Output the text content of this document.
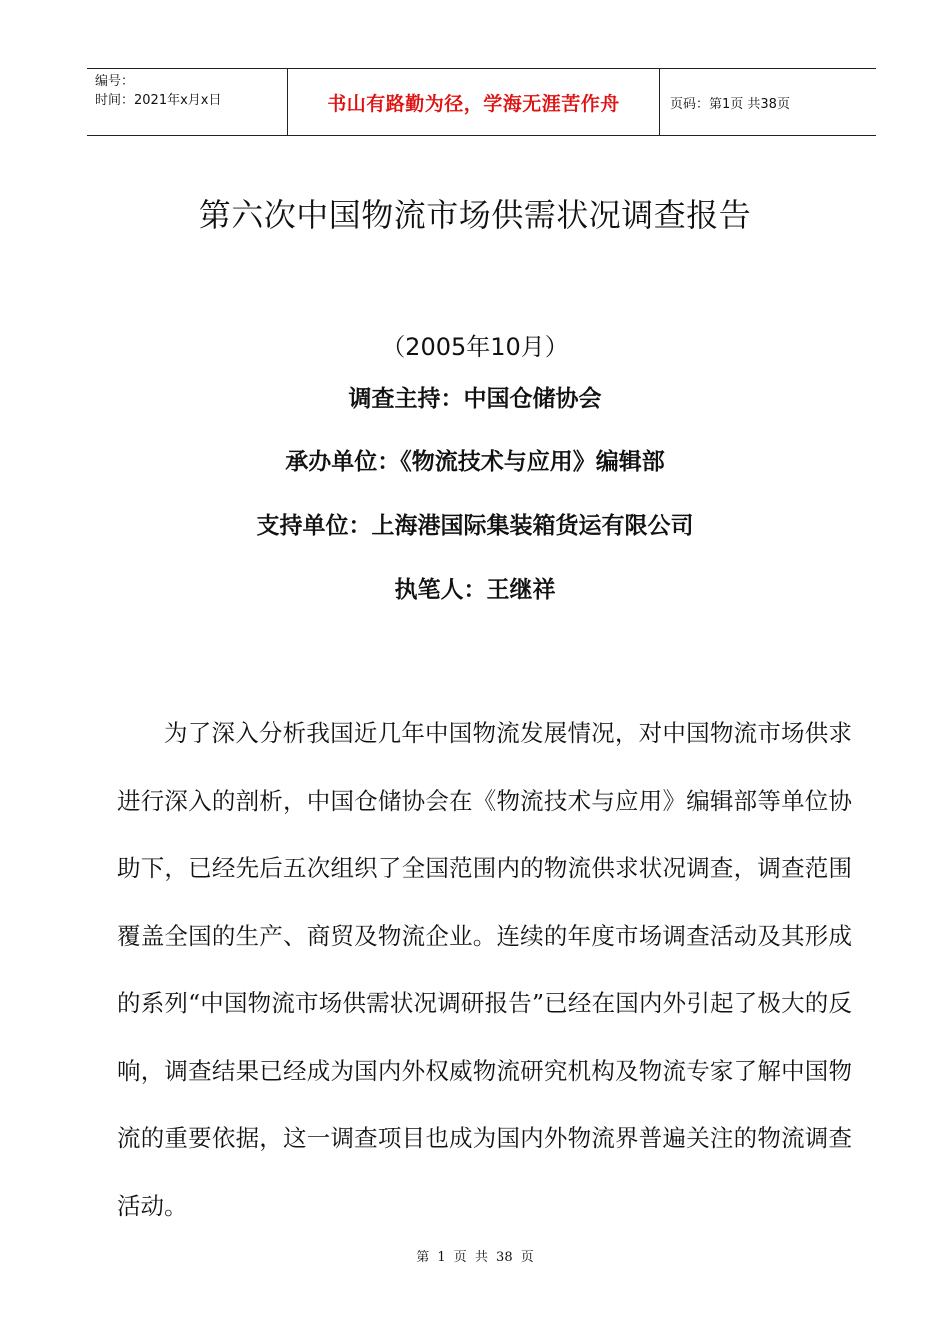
编号：
时间：2021年x月x日	书山有路勤为径，学海无涯苦作舟	页码：第1页 共38页
第六次中国物流市场供需状况调查报告
（2005年10月）
调查主持：中国仓储协会
承办单位：《物流技术与应用》编辑部
支持单位：上海港国际集装箱货运有限公司
执笔人：王继祥

为了深入分析我国近几年中国物流发展情况，对中国物流市场供求进行深入的剖析，中国仓储协会在《物流技术与应用》编辑部等单位协助下，已经先后五次组织了全国范围内的物流供求状况调查，调查范围覆盖全国的生产、商贸及物流企业。连续的年度市场调查活动及其形成的系列“中国物流市场供需状况调研报告”已经在国内外引起了极大的反响，调查结果已经成为国内外权威物流研究机构及物流专家了解中国物流的重要依据，这一调查项目也成为国内外物流界普遍关注的物流调查活动。

第 1 页 共 38 页
